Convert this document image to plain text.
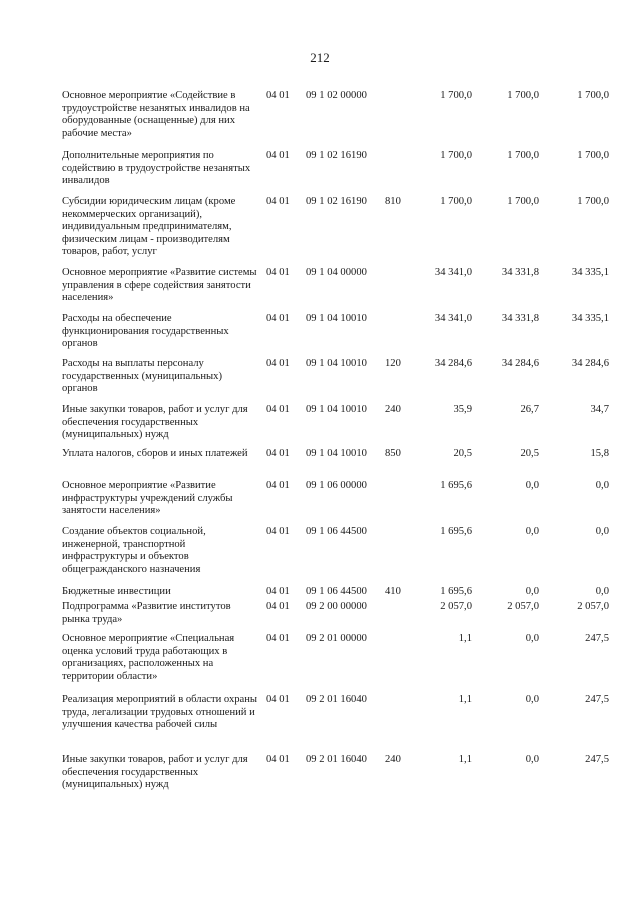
212
Основное мероприятие «Содействие в трудоустройстве незанятых инвалидов на оборудованные (оснащенные) для них рабочие места»
04 01 09 1 02 00000	1 700,0	1 700,0	1 700,0
Дополнительные мероприятия по содействию в трудоустройстве незанятых инвалидов
04 01 09 1 02 16190	1 700,0	1 700,0	1 700,0
Субсидии юридическим лицам (кроме некоммерческих организаций), индивидуальным предпринимателям, физическим лицам - производителям товаров, работ, услуг
04 01 09 1 02 16190 810	1 700,0	1 700,0	1 700,0
Основное мероприятие «Развитие системы управления в сфере содействия занятости населения»
04 01 09 1 04 00000	34 341,0	34 331,8	34 335,1
Расходы на обеспечение функционирования государственных органов
04 01 09 1 04 10010	34 341,0	34 331,8	34 335,1
Расходы на выплаты персоналу государственных (муниципальных) органов
04 01 09 1 04 10010 120	34 284,6	34 284,6	34 284,6
Иные закупки товаров, работ и услуг для обеспечения государственных (муниципальных) нужд
04 01 09 1 04 10010 240	35,9	26,7	34,7
Уплата налогов, сборов и иных платежей	04 01 09 1 04 10010 850	20,5	20,5	15,8
Основное мероприятие «Развитие инфраструктуры учреждений службы занятости населения»
04 01 09 1 06 00000	1 695,6	0,0	0,0
Создание объектов социальной, инженерной, транспортной инфраструктуры и объектов общегражданского назначения
04 01 09 1 06 44500	1 695,6	0,0	0,0
Бюджетные инвестиции	04 01 09 1 06 44500 410	1 695,6	0,0	0,0
Подпрограмма «Развитие институтов рынка труда»
04 01 09 2 00 00000	2 057,0	2 057,0	2 057,0
Основное мероприятие «Специальная оценка условий труда работающих в организациях, расположенных на территории области»
04 01 09 2 01 00000	1,1	0,0	247,5
Реализация мероприятий в области охраны труда, легализации трудовых отношений и улучшения качества рабочей силы
04 01 09 2 01 16040	1,1	0,0	247,5
Иные закупки товаров, работ и услуг для обеспечения государственных (муниципальных) нужд
04 01 09 2 01 16040 240	1,1	0,0	247,5
